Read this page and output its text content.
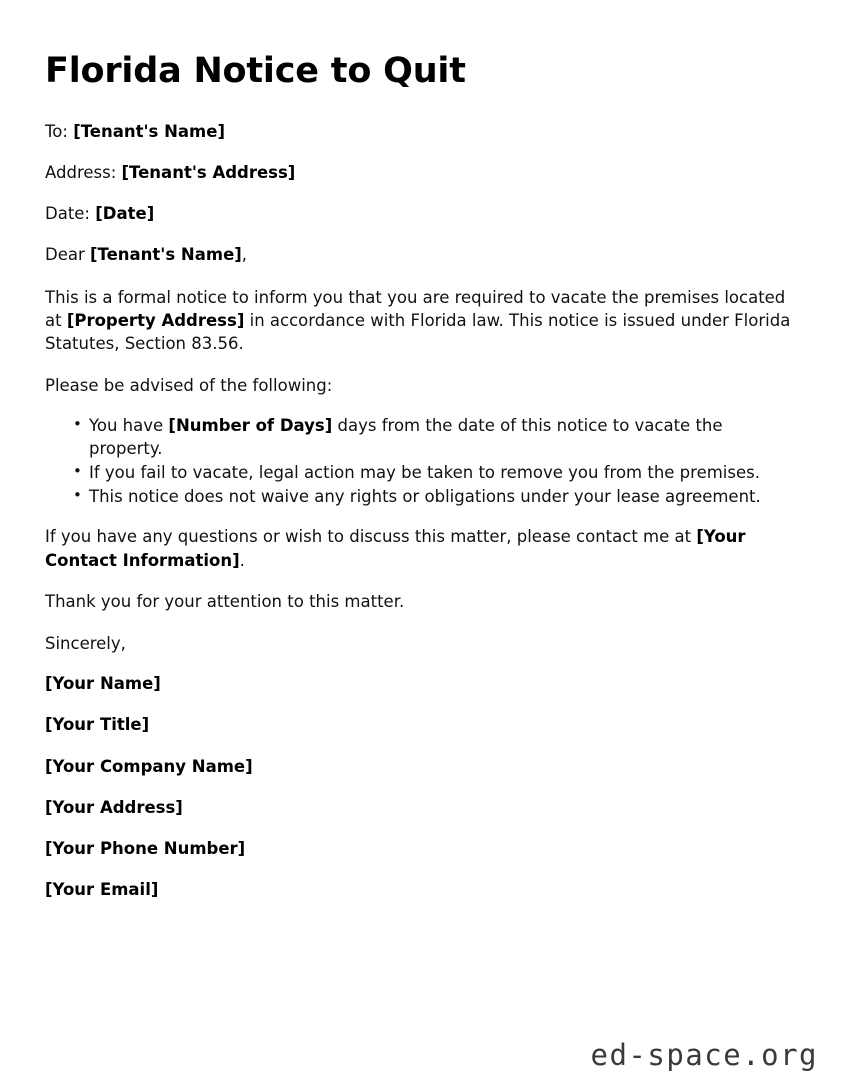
Florida Notice to Quit

To: [Tenant's Name]

Address: [Tenant's Address]

Date: [Date]

Dear [Tenant's Name],

This is a formal notice to inform you that you are required to vacate the premises located at [Property Address] in accordance with Florida law. This notice is issued under Florida Statutes, Section 83.56.

Please be advised of the following:

• You have [Number of Days] days from the date of this notice to vacate the property.
• If you fail to vacate, legal action may be taken to remove you from the premises.
• This notice does not waive any rights or obligations under your lease agreement.

If you have any questions or wish to discuss this matter, please contact me at [Your Contact Information].

Thank you for your attention to this matter.

Sincerely,

[Your Name]

[Your Title]

[Your Company Name]

[Your Address]

[Your Phone Number]

[Your Email]

ed-space.org
